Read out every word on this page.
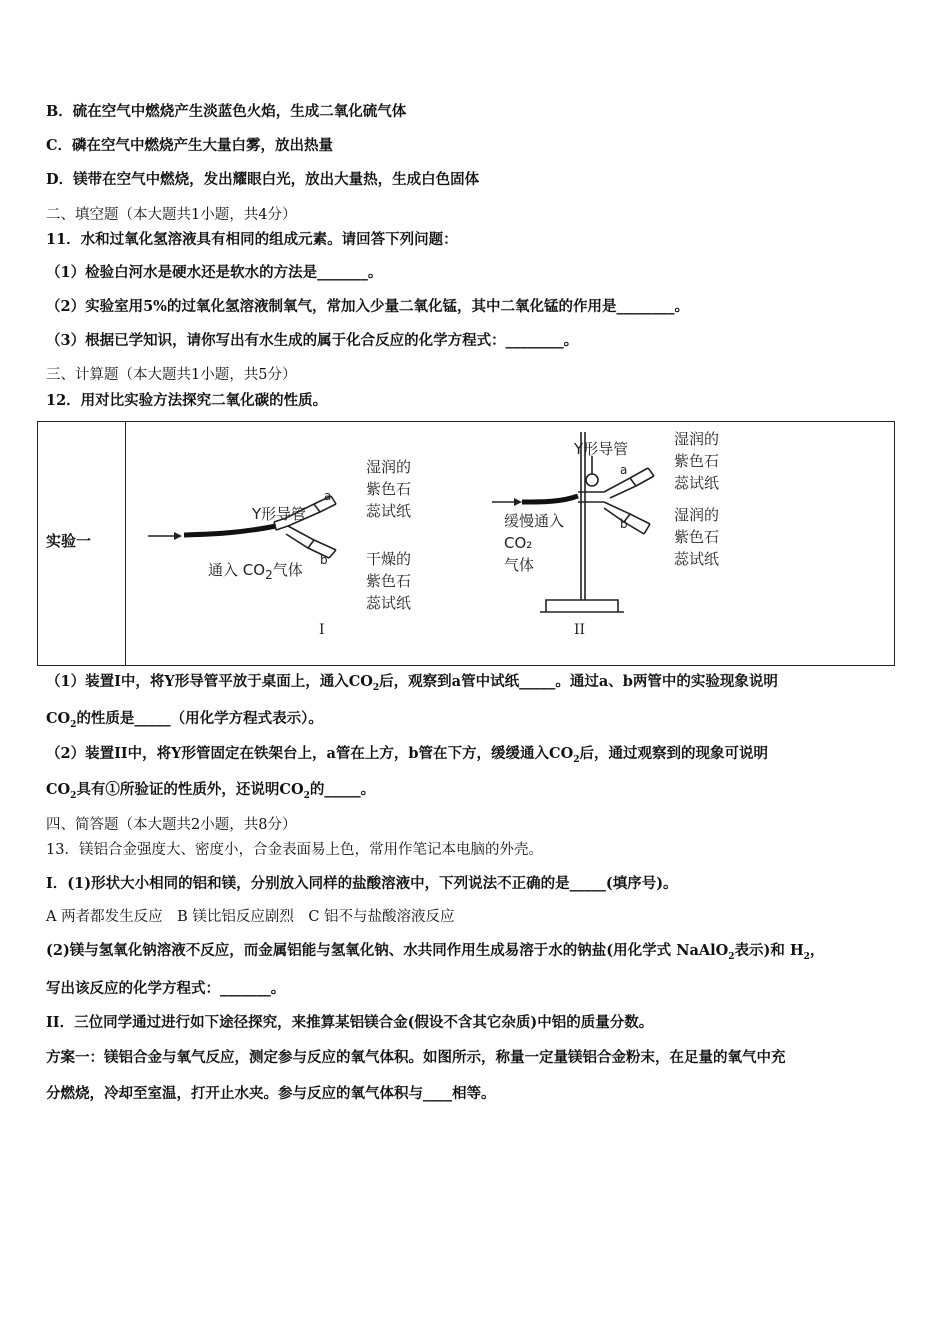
B．硫在空气中燃烧产生淡蓝色火焰，生成二氧化硫气体
C．磷在空气中燃烧产生大量白雾，放出热量
D．镁带在空气中燃烧，发出耀眼白光，放出大量热，生成白色固体
二、填空题（本大题共1小题，共4分）
11．水和过氧化氢溶液具有相同的组成元素。请回答下列问题：
（1）检验白河水是硬水还是软水的方法是_______。
（2）实验室用5%的过氧化氢溶液制氧气，常加入少量二氧化锰，其中二氧化锰的作用是________。
（3）根据已学知识，请你写出有水生成的属于化合反应的化学方程式：________。
三、计算题（本大题共1小题，共5分）
12．用对比实验方法探究二氧化碳的性质。
实验一
Y形导管
a
b
通入 $CO_2$气体
湿润的
紫色石
蕊试纸
干燥的
紫色石
蕊试纸
I
Y形导管
a
b
缓慢通入
CO₂
气体
湿润的
紫色石
蕊试纸
湿润的
紫色石
蕊试纸
II
（1）装置I中，将Y形导管平放于桌面上，通入$CO_2$后，观察到a管中试纸_____。通过a、b两管中的实验现象说明
$CO_2$的性质是_____（用化学方程式表示）。
（2）装置II中，将Y形管固定在铁架台上，a管在上方，b管在下方，缓缓通入$CO_2$后，通过观察到的现象可说明
$CO_2$具有①所验证的性质外，还说明$CO_2$的_____。
四、简答题（本大题共2小题，共8分）
13．镁铝合金强度大、密度小，合金表面易上色，常用作笔记本电脑的外壳。
I．(1)形状大小相同的铝和镁，分别放入同样的盐酸溶液中，下列说法不正确的是_____(填序号)。
A 两者都发生反应　B 镁比铝反应剧烈　C 铝不与盐酸溶液反应
(2)镁与氢氧化钠溶液不反应，而金属铝能与氢氧化钠、水共同作用生成易溶于水的钠盐(用化学式 NaAlO$_2$表示)和 $H_2$，
写出该反应的化学方程式：_______。
II．三位同学通过进行如下途径探究，来推算某铝镁合金(假设不含其它杂质)中铝的质量分数。
方案一：镁铝合金与氧气反应，测定参与反应的氧气体积。如图所示，称量一定量镁铝合金粉末，在足量的氧气中充
分燃烧，冷却至室温，打开止水夹。参与反应的氧气体积与____相等。
